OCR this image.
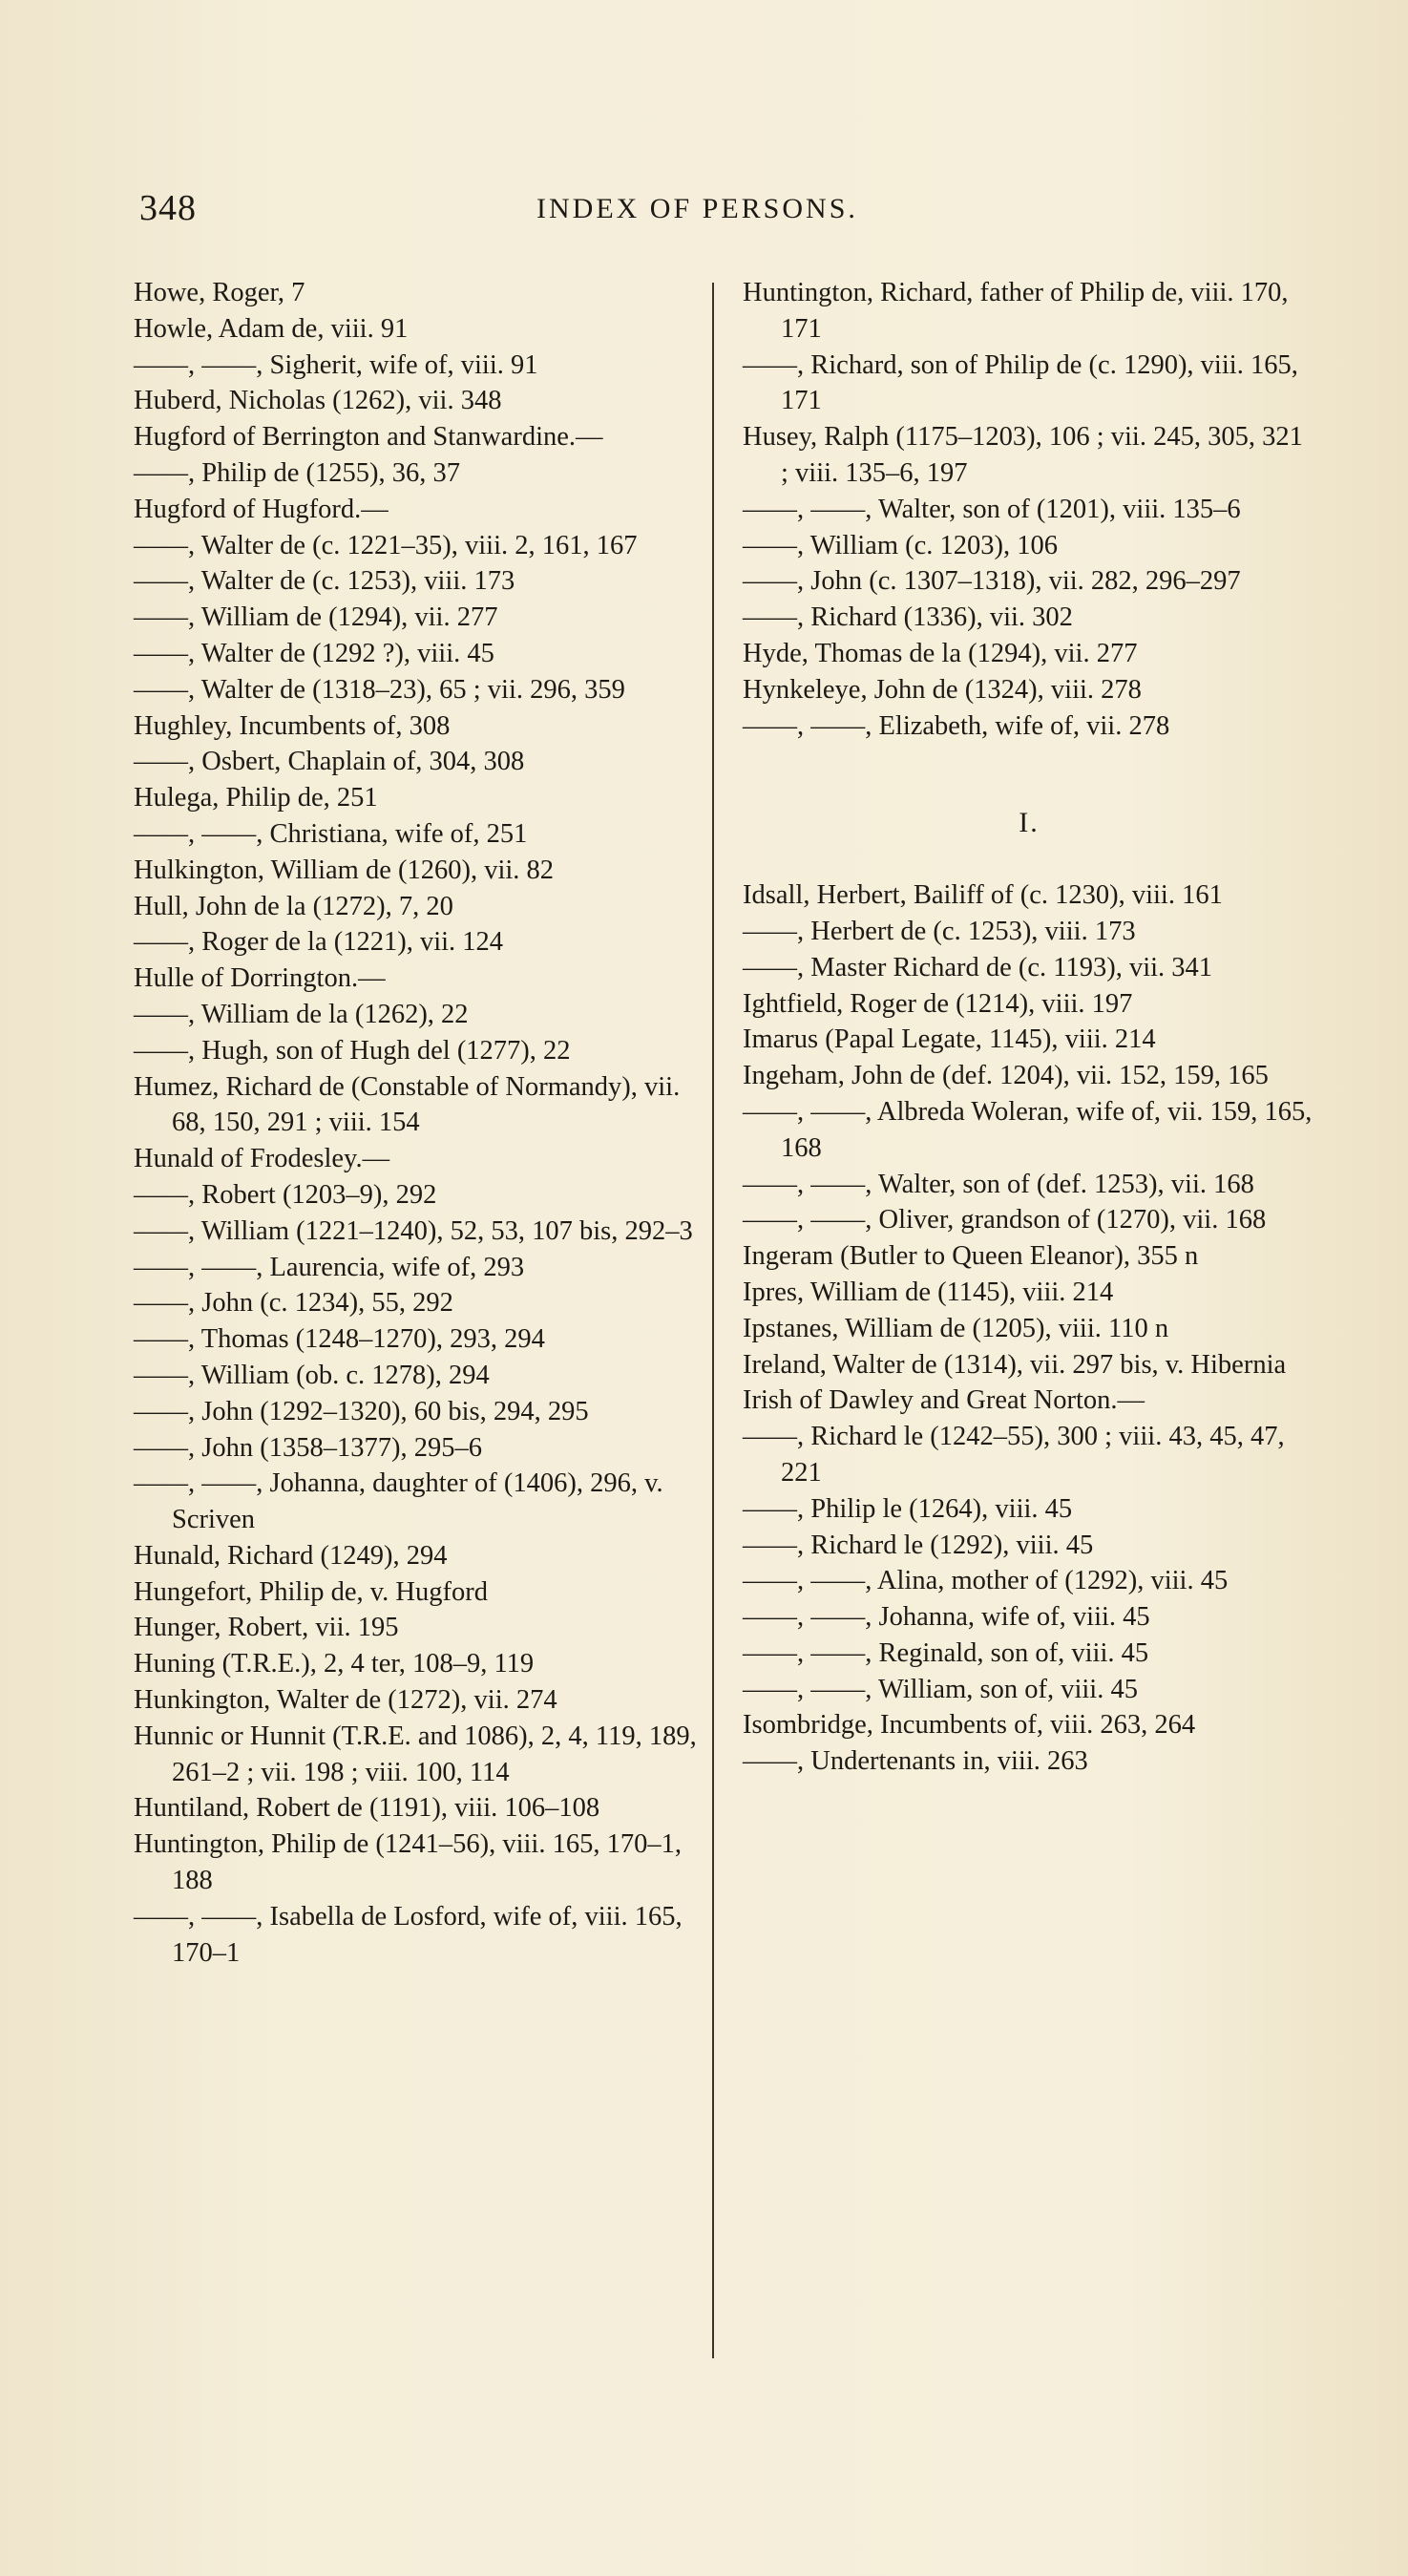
348	INDEX OF PERSONS.
Howe, Roger, 7
Howle, Adam de, viii. 91
——, ——, Sigherit, wife of, viii. 91
Huberd, Nicholas (1262), vii. 348
Hugford of Berrington and Stanwardine.—
——, Philip de (1255), 36, 37
Hugford of Hugford.—
——, Walter de (c. 1221–35), viii. 2, 161, 167
——, Walter de (c. 1253), viii. 173
——, William de (1294), vii. 277
——, Walter de (1292 ?), viii. 45
——, Walter de (1318–23), 65 ; vii. 296, 359
Hughley, Incumbents of, 308
——, Osbert, Chaplain of, 304, 308
Hulega, Philip de, 251
——, ——, Christiana, wife of, 251
Hulkington, William de (1260), vii. 82
Hull, John de la (1272), 7, 20
——, Roger de la (1221), vii. 124
Hulle of Dorrington.—
——, William de la (1262), 22
——, Hugh, son of Hugh del (1277), 22
Humez, Richard de (Constable of Normandy), vii. 68, 150, 291 ; viii. 154
Hunald of Frodesley.—
——, Robert (1203–9), 292
——, William (1221–1240), 52, 53, 107 bis, 292–3
——, ——, Laurencia, wife of, 293
——, John (c. 1234), 55, 292
——, Thomas (1248–1270), 293, 294
——, William (ob. c. 1278), 294
——, John (1292–1320), 60 bis, 294, 295
——, John (1358–1377), 295–6
——, ——, Johanna, daughter of (1406), 296, v. Scriven
Hunald, Richard (1249), 294
Hungefort, Philip de, v. Hugford
Hunger, Robert, vii. 195
Huning (T.R.E.), 2, 4 ter, 108–9, 119
Hunkington, Walter de (1272), vii. 274
Hunnic or Hunnit (T.R.E. and 1086), 2, 4, 119, 189, 261–2 ; vii. 198 ; viii. 100, 114
Huntiland, Robert de (1191), viii. 106–108
Huntington, Philip de (1241–56), viii. 165, 170–1, 188
——, ——, Isabella de Losford, wife of, viii. 165, 170–1
Huntington, Richard, father of Philip de, viii. 170, 171
——, Richard, son of Philip de (c. 1290), viii. 165, 171
Husey, Ralph (1175–1203), 106 ; vii. 245, 305, 321 ; viii. 135–6, 197
——, ——, Walter, son of (1201), viii. 135–6
——, William (c. 1203), 106
——, John (c. 1307–1318), vii. 282, 296–297
——, Richard (1336), vii. 302
Hyde, Thomas de la (1294), vii. 277
Hynkeleye, John de (1324), viii. 278
——, ——, Elizabeth, wife of, vii. 278
I.
Idsall, Herbert, Bailiff of (c. 1230), viii. 161
——, Herbert de (c. 1253), viii. 173
——, Master Richard de (c. 1193), vii. 341
Ightfield, Roger de (1214), viii. 197
Imarus (Papal Legate, 1145), viii. 214
Ingeham, John de (def. 1204), vii. 152, 159, 165
——, ——, Albreda Woleran, wife of, vii. 159, 165, 168
——, ——, Walter, son of (def. 1253), vii. 168
——, ——, Oliver, grandson of (1270), vii. 168
Ingeram (Butler to Queen Eleanor), 355 n
Ipres, William de (1145), viii. 214
Ipstanes, William de (1205), viii. 110 n
Ireland, Walter de (1314), vii. 297 bis, v. Hibernia
Irish of Dawley and Great Norton.—
——, Richard le (1242–55), 300 ; viii. 43, 45, 47, 221
——, Philip le (1264), viii. 45
——, Richard le (1292), viii. 45
——, ——, Alina, mother of (1292), viii. 45
——, ——, Johanna, wife of, viii. 45
——, ——, Reginald, son of, viii. 45
——, ——, William, son of, viii. 45
Isombridge, Incumbents of, viii. 263, 264
——, Undertenants in, viii. 263
